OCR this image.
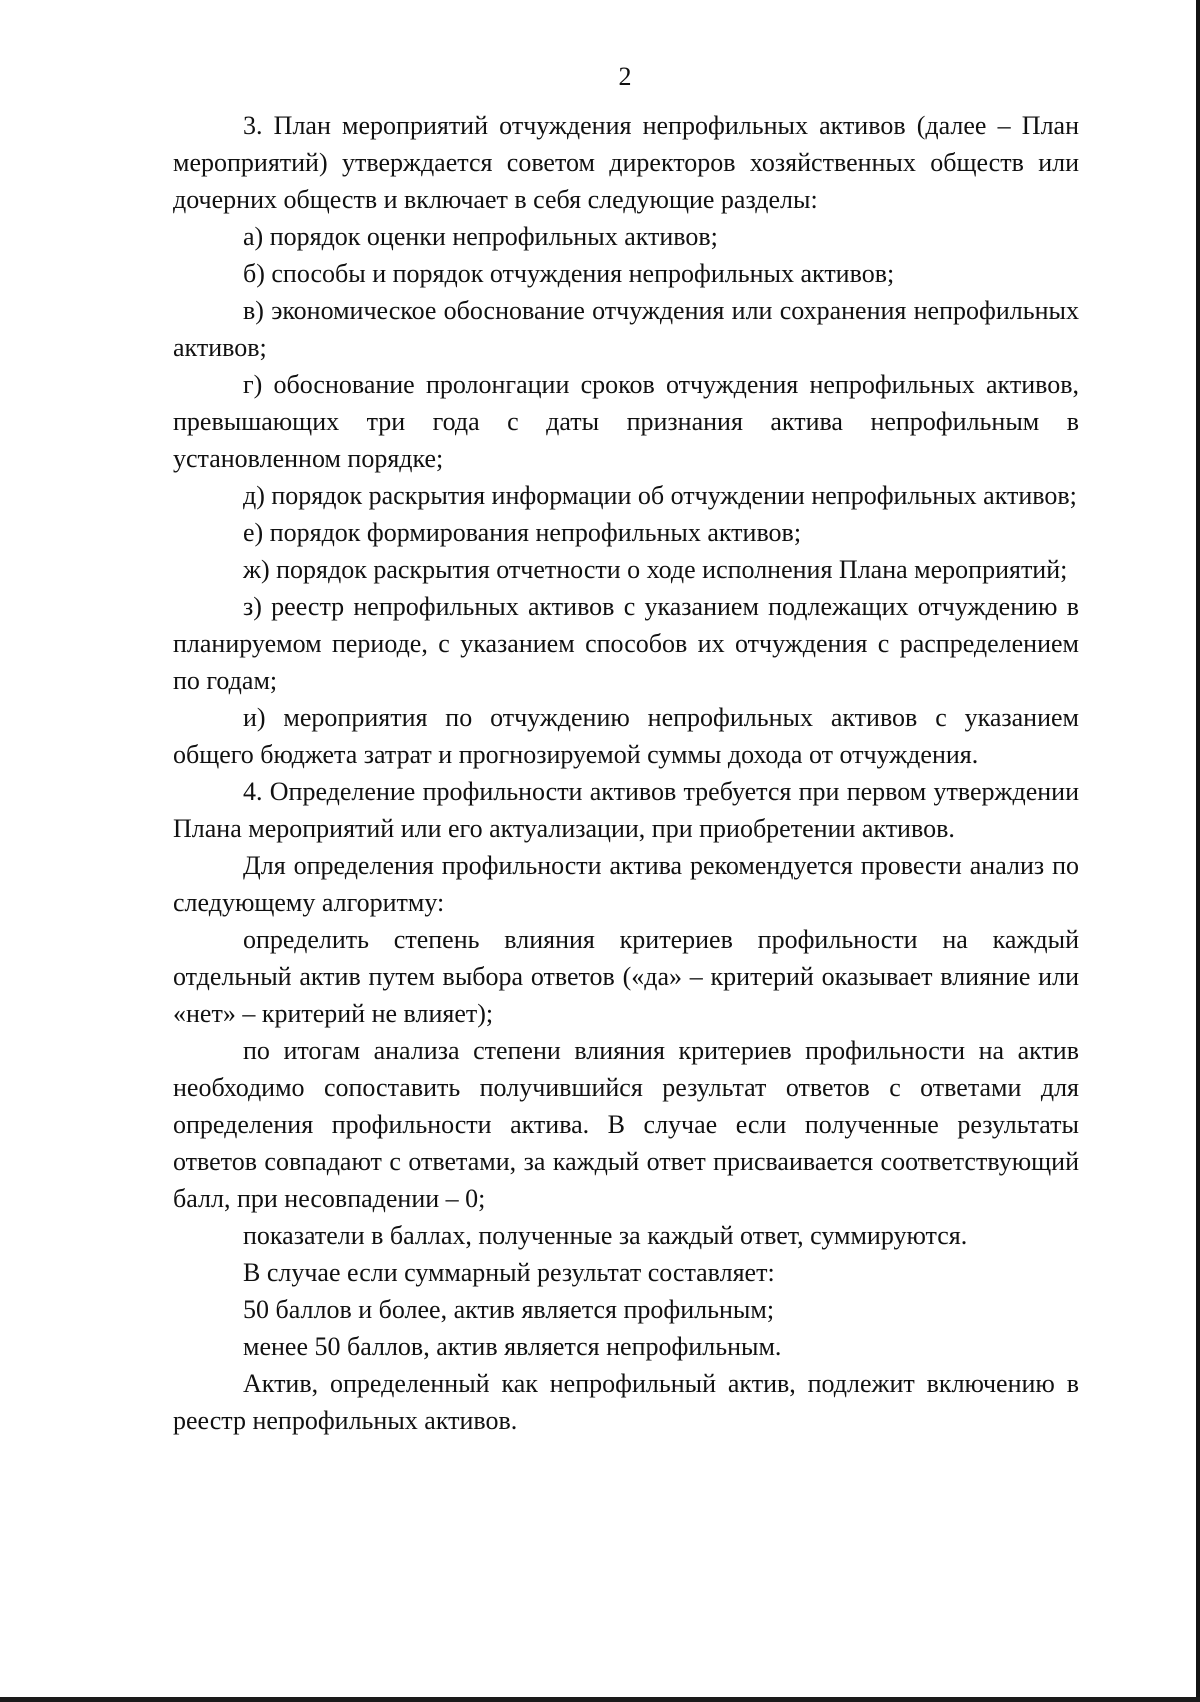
2

3. План мероприятий отчуждения непрофильных активов (далее – План мероприятий) утверждается советом директоров хозяйственных обществ или дочерних обществ и включает в себя следующие разделы:

а) порядок оценки непрофильных активов;

б) способы и порядок отчуждения непрофильных активов;

в) экономическое обоснование отчуждения или сохранения непрофильных активов;

г) обоснование пролонгации сроков отчуждения непрофильных активов, превышающих три года с даты признания актива непрофильным в установленном порядке;

д) порядок раскрытия информации об отчуждении непрофильных активов;

е) порядок формирования непрофильных активов;

ж) порядок раскрытия отчетности о ходе исполнения Плана мероприятий;

з) реестр непрофильных активов с указанием подлежащих отчуждению в планируемом периоде, с указанием способов их отчуждения с распределением по годам;

и) мероприятия по отчуждению непрофильных активов с указанием общего бюджета затрат и прогнозируемой суммы дохода от отчуждения.

4. Определение профильности активов требуется при первом утверждении Плана мероприятий или его актуализации, при приобретении активов.

Для определения профильности актива рекомендуется провести анализ по следующему алгоритму:

определить степень влияния критериев профильности на каждый отдельный актив путем выбора ответов («да» – критерий оказывает влияние или «нет» – критерий не влияет);

по итогам анализа степени влияния критериев профильности на актив необходимо сопоставить получившийся результат ответов с ответами для определения профильности актива. В случае если полученные результаты ответов совпадают с ответами, за каждый ответ присваивается соответствующий балл, при несовпадении – 0;

показатели в баллах, полученные за каждый ответ, суммируются.

В случае если суммарный результат составляет:

50 баллов и более, актив является профильным;

менее 50 баллов, актив является непрофильным.

Актив, определенный как непрофильный актив, подлежит включению в реестр непрофильных активов.
